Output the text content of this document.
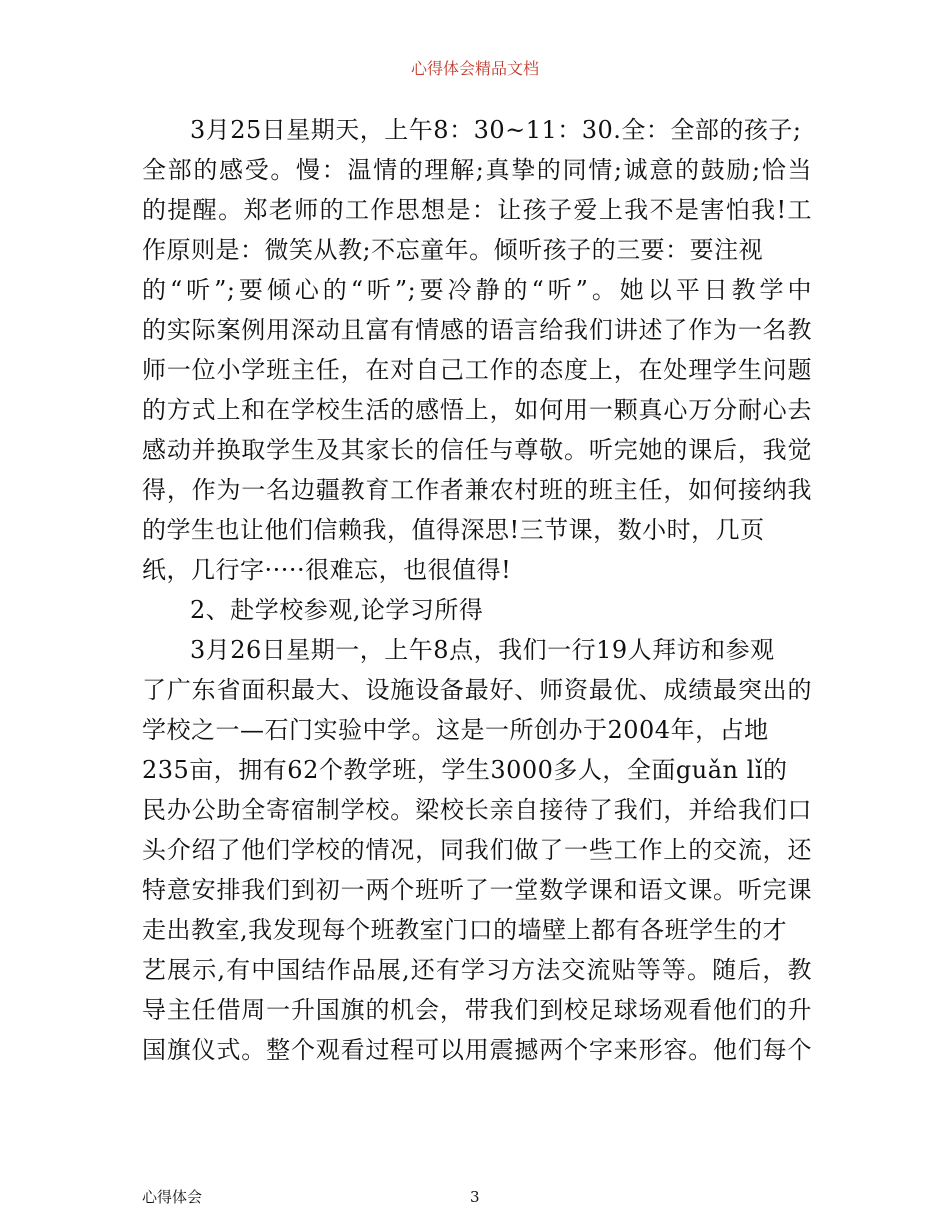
心得体会精品文档
3月25日星期天，上午8：30~11：30.全：全部的孩子;
全部的感受。慢：温情的理解;真挚的同情;诚意的鼓励;恰当
的提醒。郑老师的工作思想是：让孩子爱上我不是害怕我!工
作原则是：微笑从教;不忘童年。倾听孩子的三要：要注视
的“听”;要倾心的“听”;要冷静的“听”。她以平日教学中
的实际案例用深动且富有情感的语言给我们讲述了作为一名教
师一位小学班主任，在对自己工作的态度上，在处理学生问题
的方式上和在学校生活的感悟上，如何用一颗真心万分耐心去
感动并换取学生及其家长的信任与尊敬。听完她的课后，我觉
得，作为一名边疆教育工作者兼农村班的班主任，如何接纳我
的学生也让他们信赖我，值得深思!三节课，数小时，几页
纸，几行字·····很难忘，也很值得!
2、赴学校参观,论学习所得
3月26日星期一，上午8点，我们一行19人拜访和参观
了广东省面积最大、设施设备最好、师资最优、成绩最突出的
学校之一—石门实验中学。这是一所创办于2004年，占地
235亩，拥有62个教学班，学生3000多人，全面guǎn lǐ的
民办公助全寄宿制学校。梁校长亲自接待了我们，并给我们口
头介绍了他们学校的情况，同我们做了一些工作上的交流，还
特意安排我们到初一两个班听了一堂数学课和语文课。听完课
走出教室,我发现每个班教室门口的墙壁上都有各班学生的才
艺展示,有中国结作品展,还有学习方法交流贴等等。随后，教
导主任借周一升国旗的机会，带我们到校足球场观看他们的升
国旗仪式。整个观看过程可以用震撼两个字来形容。他们每个
心得体会	3
